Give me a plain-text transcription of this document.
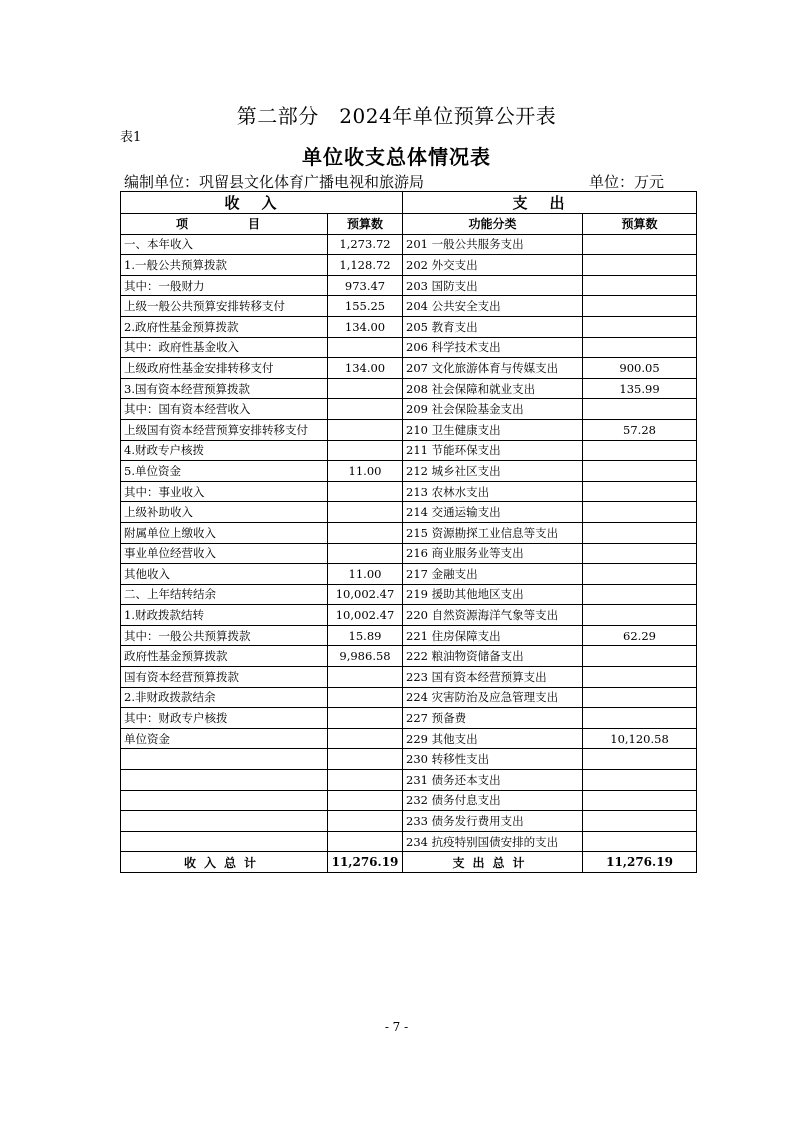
第二部分　2024年单位预算公开表
表1
单位收支总体情况表
编制单位：巩留县文化体育广播电视和旅游局	单位：万元
收入		支出	
项　　目	预算数	功能分类	预算数
一、本年收入	1,273.72	201 一般公共服务支出	
1.一般公共预算拨款	1,128.72	202 外交支出	
其中：一般财力	973.47	203 国防支出	
上级一般公共预算安排转移支付	155.25	204 公共安全支出	
2.政府性基金预算拨款	134.00	205 教育支出	
其中：政府性基金收入		206 科学技术支出	
上级政府性基金安排转移支付	134.00	207 文化旅游体育与传媒支出	900.05
3.国有资本经营预算拨款		208 社会保障和就业支出	135.99
其中：国有资本经营收入		209 社会保险基金支出	
上级国有资本经营预算安排转移支付		210 卫生健康支出	57.28
4.财政专户核拨		211 节能环保支出	
5.单位资金	11.00	212 城乡社区支出	
其中：事业收入		213 农林水支出	
上级补助收入		214 交通运输支出	
附属单位上缴收入		215 资源勘探工业信息等支出	
事业单位经营收入		216 商业服务业等支出	
其他收入	11.00	217 金融支出	
二、上年结转结余	10,002.47	219 援助其他地区支出	
1.财政拨款结转	10,002.47	220 自然资源海洋气象等支出	
其中：一般公共预算拨款	15.89	221 住房保障支出	62.29
政府性基金预算拨款	9,986.58	222 粮油物资储备支出	
国有资本经营预算拨款		223 国有资本经营预算支出	
2.非财政拨款结余		224 灾害防治及应急管理支出	
其中：财政专户核拨		227 预备费	
单位资金		229 其他支出	10,120.58
		230 转移性支出	
		231 债务还本支出	
		232 债务付息支出	
		233 债务发行费用支出	
		234 抗疫特别国债安排的支出	
收入总计	11,276.19	支出总计	11,276.19
- 7 -
